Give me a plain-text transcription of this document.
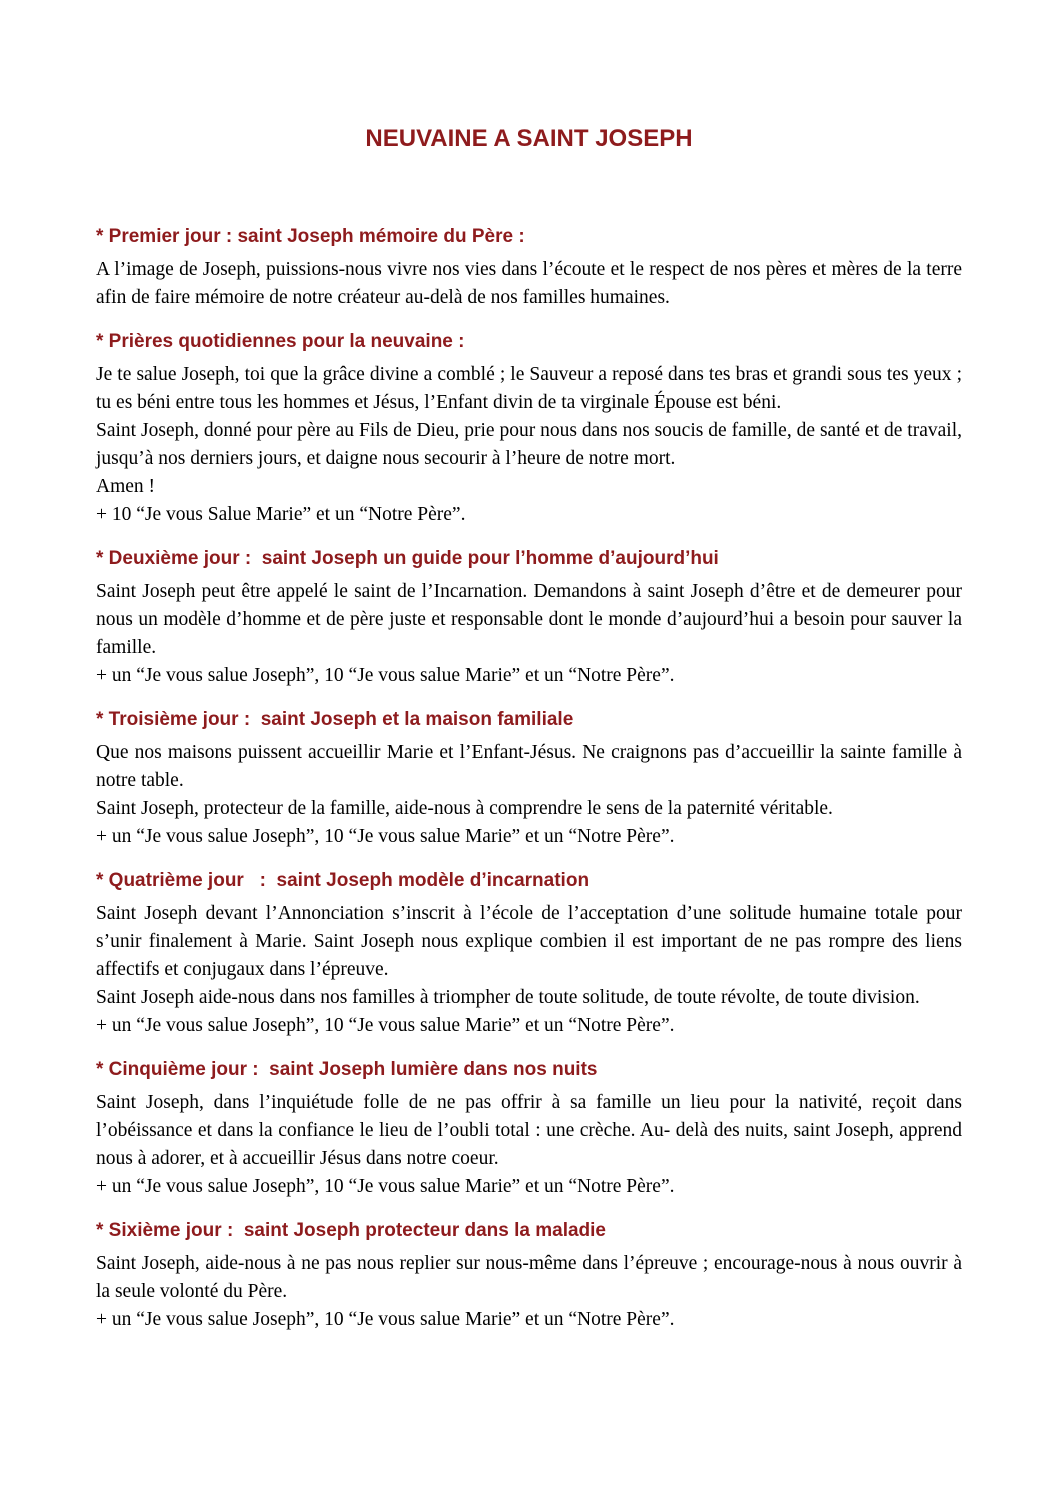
NEUVAINE A SAINT JOSEPH
* Premier jour : saint Joseph mémoire du Père :

A l’image de Joseph, puissions-nous vivre nos vies dans l’écoute et le respect de nos pères et mères de la terre afin de faire mémoire de notre créateur au-delà de nos familles humaines.

* Prières quotidiennes pour la neuvaine :

Je te salue Joseph, toi que la grâce divine a comblé ; le Sauveur a reposé dans tes bras et grandi sous tes yeux ; tu es béni entre tous les hommes et Jésus, l’Enfant divin de ta virginale Épouse est béni.

Saint Joseph, donné pour père au Fils de Dieu, prie pour nous dans nos soucis de famille, de santé et de travail, jusqu’à nos derniers jours, et daigne nous secourir à l’heure de notre mort.

Amen !

+ 10 “Je vous Salue Marie” et un “Notre Père”.

* Deuxième jour :  saint Joseph un guide pour l’homme d’aujourd’hui

Saint Joseph peut être appelé le saint de l’Incarnation. Demandons à saint Joseph d’être et de demeurer pour nous un modèle d’homme et de père juste et responsable dont le monde d’aujourd’hui a besoin pour sauver la famille.

+ un “Je vous salue Joseph”, 10 “Je vous salue Marie” et un “Notre Père”.

* Troisième jour :  saint Joseph et la maison familiale

Que nos maisons puissent accueillir Marie et l’Enfant-Jésus. Ne craignons pas d’accueillir la sainte famille à notre table.

Saint Joseph, protecteur de la famille, aide-nous à comprendre le sens de la paternité véritable.

+ un “Je vous salue Joseph”, 10 “Je vous salue Marie” et un “Notre Père”.

* Quatrième jour   :  saint Joseph modèle d’incarnation

Saint Joseph devant l’Annonciation s’inscrit à l’école de l’acceptation d’une solitude humaine totale pour s’unir finalement à Marie. Saint Joseph nous explique combien il est important de ne pas rompre des liens affectifs et conjugaux dans l’épreuve.

Saint Joseph aide-nous dans nos familles à triompher de toute solitude, de toute révolte, de toute division.

+ un “Je vous salue Joseph”, 10 “Je vous salue Marie” et un “Notre Père”.

* Cinquième jour :  saint Joseph lumière dans nos nuits

Saint Joseph, dans l’inquiétude folle de ne pas offrir à sa famille un lieu pour la nativité, reçoit dans l’obéissance et dans la confiance le lieu de l’oubli total : une crèche. Au- delà des nuits, saint Joseph, apprend nous à adorer, et à accueillir Jésus dans notre coeur.

+ un “Je vous salue Joseph”, 10 “Je vous salue Marie” et un “Notre Père”.

* Sixième jour :  saint Joseph protecteur dans la maladie

Saint Joseph, aide-nous à ne pas nous replier sur nous-même dans l’épreuve ; encourage-nous à nous ouvrir à la seule volonté du Père.

+ un “Je vous salue Joseph”, 10 “Je vous salue Marie” et un “Notre Père”.
